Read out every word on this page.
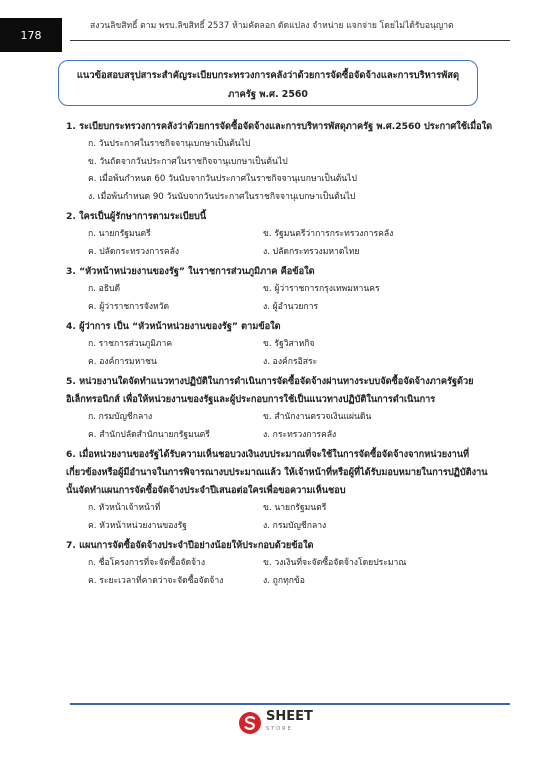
178
สงวนลิขสิทธิ์ ตาม พรบ.ลิขสิทธิ์ 2537 ห้ามคัดลอก ดัดแปลง จำหน่าย แจกจ่าย โดยไม่ได้รับอนุญาต
แนวข้อสอบสรุปสาระสำคัญระเบียบกระทรวงการคลังว่าด้วยการจัดซื้อจัดจ้างและการบริหารพัสดุ
ภาครัฐ พ.ศ. 2560
1. ระเบียบกระทรวงการคลังว่าด้วยการจัดซื้อจัดจ้างและการบริหารพัสดุภาครัฐ พ.ศ.2560 ประกาศใช้เมื่อใด
ก. วันประกาศในราชกิจจานุเบกษาเป็นต้นไป
ข. วันถัดจากวันประกาศในราชกิจจานุเบกษาเป็นต้นไป
ค. เมื่อพ้นกำหนด 60 วันนับจากวันประกาศในราชกิจจานุเบกษาเป็นต้นไป
ง. เมื่อพ้นกำหนด 90 วันนับจากวันประกาศในราชกิจจานุเบกษาเป็นต้นไป
2. ใครเป็นผู้รักษาการตามระเบียบนี้
ก. นายกรัฐมนตรี	ข. รัฐมนตรีว่าการกระทรวงการคลัง
ค. ปลัดกระทรวงการคลัง	ง. ปลัดกระทรวงมหาดไทย
3. “หัวหน้าหน่วยงานของรัฐ” ในราชการส่วนภูมิภาค คือข้อใด
ก. อธิบดี	ข. ผู้ว่าราชการกรุงเทพมหานคร
ค. ผู้ว่าราชการจังหวัด	ง. ผู้อำนวยการ
4. ผู้ว่าการ เป็น “หัวหน้าหน่วยงานของรัฐ” ตามข้อใด
ก. ราชการส่วนภูมิภาค	ข. รัฐวิสาหกิจ
ค. องค์การมหาชน	ง. องค์กรอิสระ
5. หน่วยงานใดจัดทำแนวทางปฏิบัติในการดำเนินการจัดซื้อจัดจ้างผ่านทางระบบจัดซื้อจัดจ้างภาครัฐด้วยอิเล็กทรอนิกส์ เพื่อให้หน่วยงานของรัฐและผู้ประกอบการใช้เป็นแนวทางปฏิบัติในการดำเนินการ
ก. กรมบัญชีกลาง	ข. สำนักงานตรวจเงินแผ่นดิน
ค. สำนักปลัดสำนักนายกรัฐมนตรี	ง. กระทรวงการคลัง
6. เมื่อหน่วยงานของรัฐได้รับความเห็นชอบวงเงินงบประมาณที่จะใช้ในการจัดซื้อจัดจ้างจากหน่วยงานที่เกี่ยวข้องหรือผู้มีอำนาจในการพิจารณางบประมาณแล้ว ให้เจ้าหน้าที่หรือผู้ที่ได้รับมอบหมายในการปฏิบัติงานนั้นจัดทำแผนการจัดซื้อจัดจ้างประจำปีเสนอต่อใครเพื่อขอความเห็นชอบ
ก. หัวหน้าเจ้าหน้าที่	ข. นายกรัฐมนตรี
ค. หัวหน้าหน่วยงานของรัฐ	ง. กรมบัญชีกลาง
7. แผนการจัดซื้อจัดจ้างประจำปีอย่างน้อยให้ประกอบด้วยข้อใด
ก. ชื่อโครงการที่จะจัดซื้อจัดจ้าง	ข. วงเงินที่จะจัดซื้อจัดจ้างโดยประมาณ
ค. ระยะเวลาที่คาดว่าจะจัดซื้อจัดจ้าง	ง. ถูกทุกข้อ
SHEET
STORE
